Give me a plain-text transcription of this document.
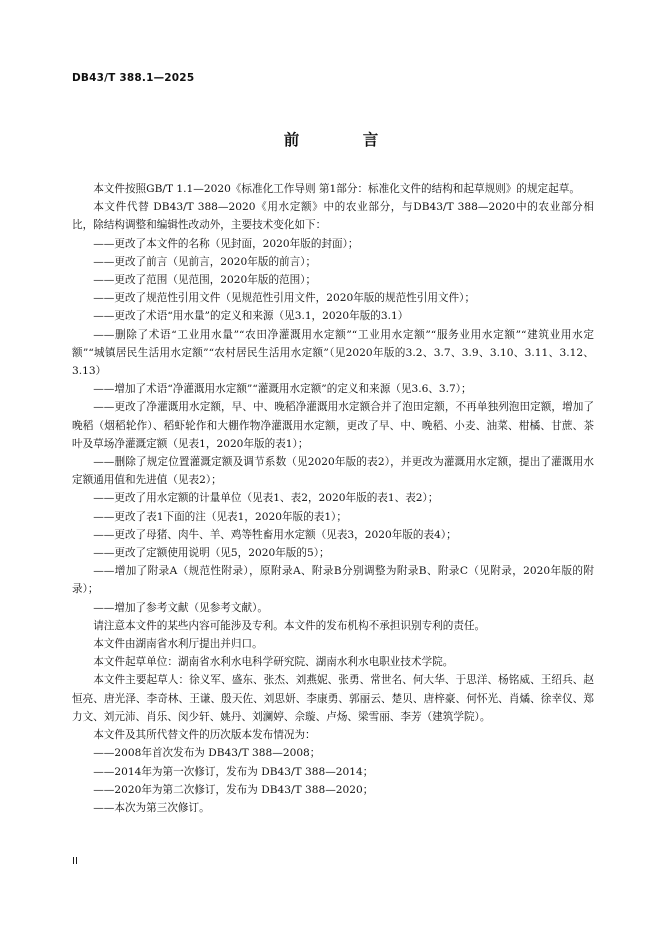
DB43/T 388.1—2025
前　言

本文件按照GB/T 1.1—2020《标准化工作导则 第1部分：标准化文件的结构和起草规则》的规定起草。

本文件代替 DB43/T 388—2020《用水定额》中的农业部分，与DB43/T 388—2020中的农业部分相比，除结构调整和编辑性改动外，主要技术变化如下：

——更改了本文件的名称（见封面，2020年版的封面）；

——更改了前言（见前言，2020年版的前言）；

——更改了范围（见范围，2020年版的范围）；

——更改了规范性引用文件（见规范性引用文件，2020年版的规范性引用文件）；

——更改了术语“用水量”的定义和来源（见3.1，2020年版的3.1）

——删除了术语“工业用水量”“农田净灌溉用水定额”“工业用水定额”“服务业用水定额”“建筑业用水定额”“城镇居民生活用水定额”“农村居民生活用水定额”（见2020年版的3.2、3.7、3.9、3.10、3.11、3.12、3.13）

——增加了术语“净灌溉用水定额”“灌溉用水定额”的定义和来源（见3.6、3.7）；

——更改了净灌溉用水定额，早、中、晚稻净灌溉用水定额合并了泡田定额，不再单独列泡田定额，增加了晚稻（烟稻轮作）、稻虾轮作和大棚作物净灌溉用水定额，更改了早、中、晚稻、小麦、油菜、柑橘、甘蔗、茶叶及草场净灌溉定额（见表1，2020年版的表1）；

——删除了规定位置灌溉定额及调节系数（见2020年版的表2），并更改为灌溉用水定额，提出了灌溉用水定额通用值和先进值（见表2）；

——更改了用水定额的计量单位（见表1、表2，2020年版的表1、表2）；

——更改了表1下面的注（见表1，2020年版的表1）；

——更改了母猪、肉牛、羊、鸡等牲畜用水定额（见表3，2020年版的表4）；

——更改了定额使用说明（见5，2020年版的5）；

——增加了附录A（规范性附录），原附录A、附录B分别调整为附录B、附录C（见附录，2020年版的附录）；

——增加了参考文献（见参考文献）。

请注意本文件的某些内容可能涉及专利。本文件的发布机构不承担识别专利的责任。

本文件由湖南省水利厅提出并归口。

本文件起草单位：湖南省水利水电科学研究院、湖南水利水电职业技术学院。

本文件主要起草人：徐义军、盛东、张杰、刘燕妮、张勇、常世名、何大华、于思洋、杨铭威、王绍兵、赵恒亮、唐光泽、李奇林、王谦、殷天佐、刘思妍、李康勇、郭丽云、楚贝、唐梓豪、何怀光、肖燏、徐幸仪、郑力文、刘元沛、肖乐、闵少轩、姚丹、刘澜婷、佘璇、卢炀、梁雪丽、李芳（建筑学院）。

本文件及其所代替文件的历次版本发布情况为：

——2008年首次发布为 DB43/T 388—2008；

——2014年为第一次修订，发布为 DB43/T 388—2014；

——2020年为第二次修订，发布为 DB43/T 388—2020；

——本次为第三次修订。

II
